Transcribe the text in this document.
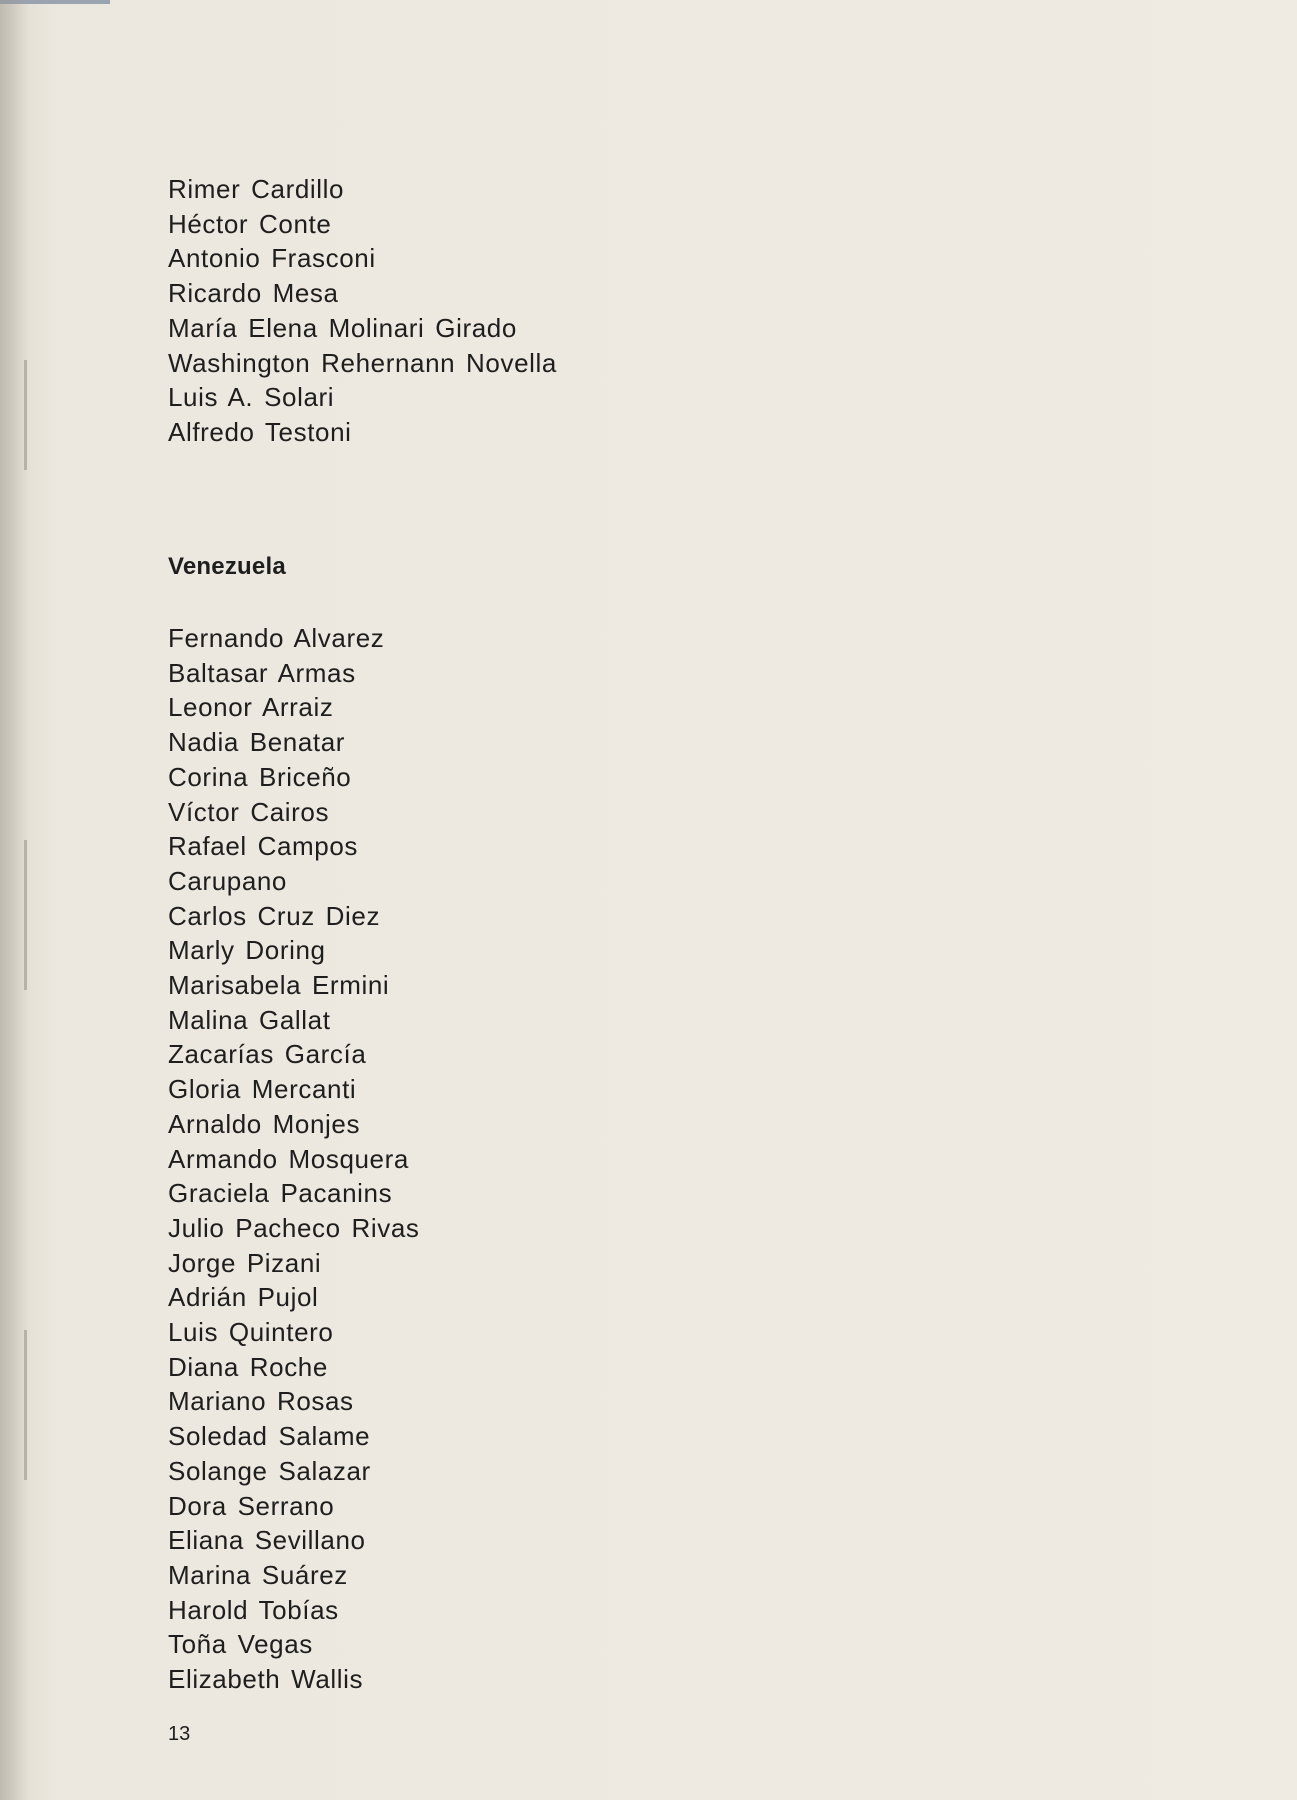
Rimer Cardillo
Héctor Conte
Antonio Frasconi
Ricardo Mesa
María Elena Molinari Girado
Washington Rehernann Novella
Luis A. Solari
Alfredo Testoni
Venezuela
Fernando Alvarez
Baltasar Armas
Leonor Arraiz
Nadia Benatar
Corina Briceño
Víctor Cairos
Rafael Campos
Carupano
Carlos Cruz Diez
Marly Doring
Marisabela Ermini
Malina Gallat
Zacarías García
Gloria Mercanti
Arnaldo Monjes
Armando Mosquera
Graciela Pacanins
Julio Pacheco Rivas
Jorge Pizani
Adrián Pujol
Luis Quintero
Diana Roche
Mariano Rosas
Soledad Salame
Solange Salazar
Dora Serrano
Eliana Sevillano
Marina Suárez
Harold Tobías
Toña Vegas
Elizabeth Wallis
13
